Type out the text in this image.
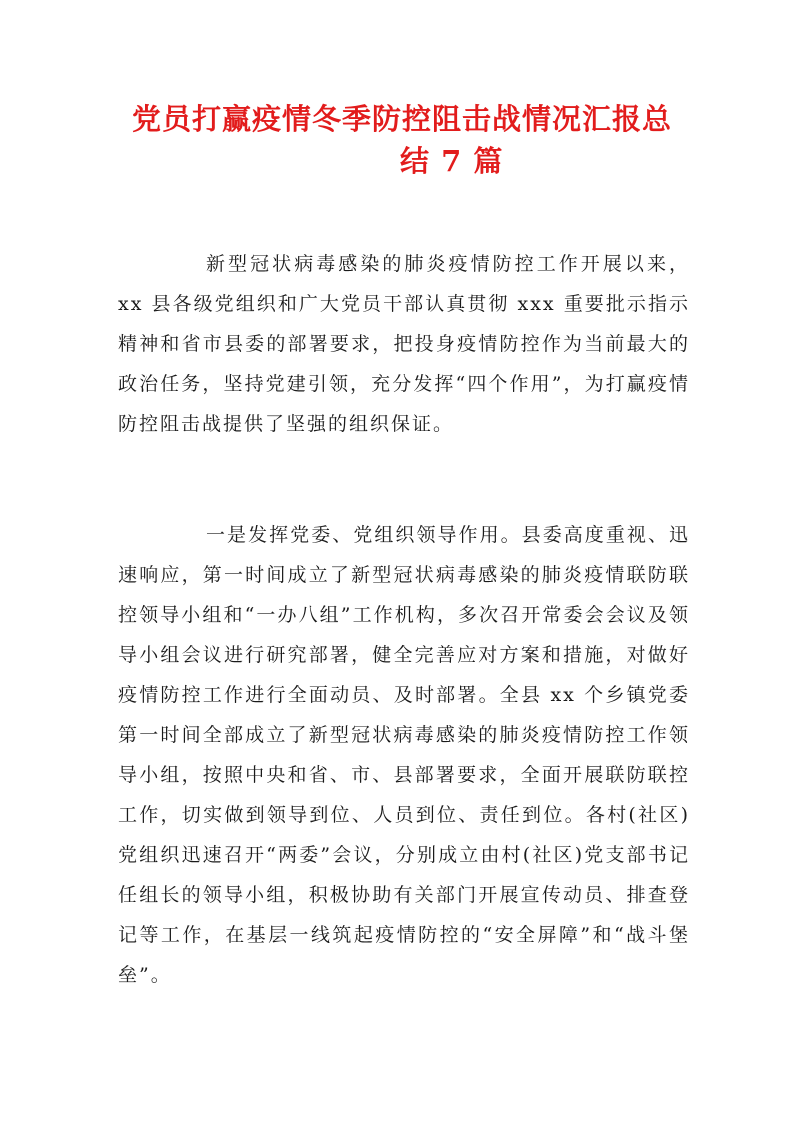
党员打赢疫情冬季防控阻击战情况汇报总
结 7 篇

新型冠状病毒感染的肺炎疫情防控工作开展以来，xx 县各级党组织和广大党员干部认真贯彻 xxx 重要批示指示精神和省市县委的部署要求，把投身疫情防控作为当前最大的政治任务，坚持党建引领，充分发挥“四个作用”，为打赢疫情防控阻击战提供了坚强的组织保证。

一是发挥党委、党组织领导作用。县委高度重视、迅速响应，第一时间成立了新型冠状病毒感染的肺炎疫情联防联控领导小组和“一办八组”工作机构，多次召开常委会会议及领导小组会议进行研究部署，健全完善应对方案和措施，对做好疫情防控工作进行全面动员、及时部署。全县 xx 个乡镇党委第一时间全部成立了新型冠状病毒感染的肺炎疫情防控工作领导小组，按照中央和省、市、县部署要求，全面开展联防联控工作，切实做到领导到位、人员到位、责任到位。各村(社区)党组织迅速召开“两委”会议，分别成立由村(社区)党支部书记任组长的领导小组，积极协助有关部门开展宣传动员、排查登记等工作，在基层一线筑起疫情防控的“安全屏障”和“战斗堡垒”。
